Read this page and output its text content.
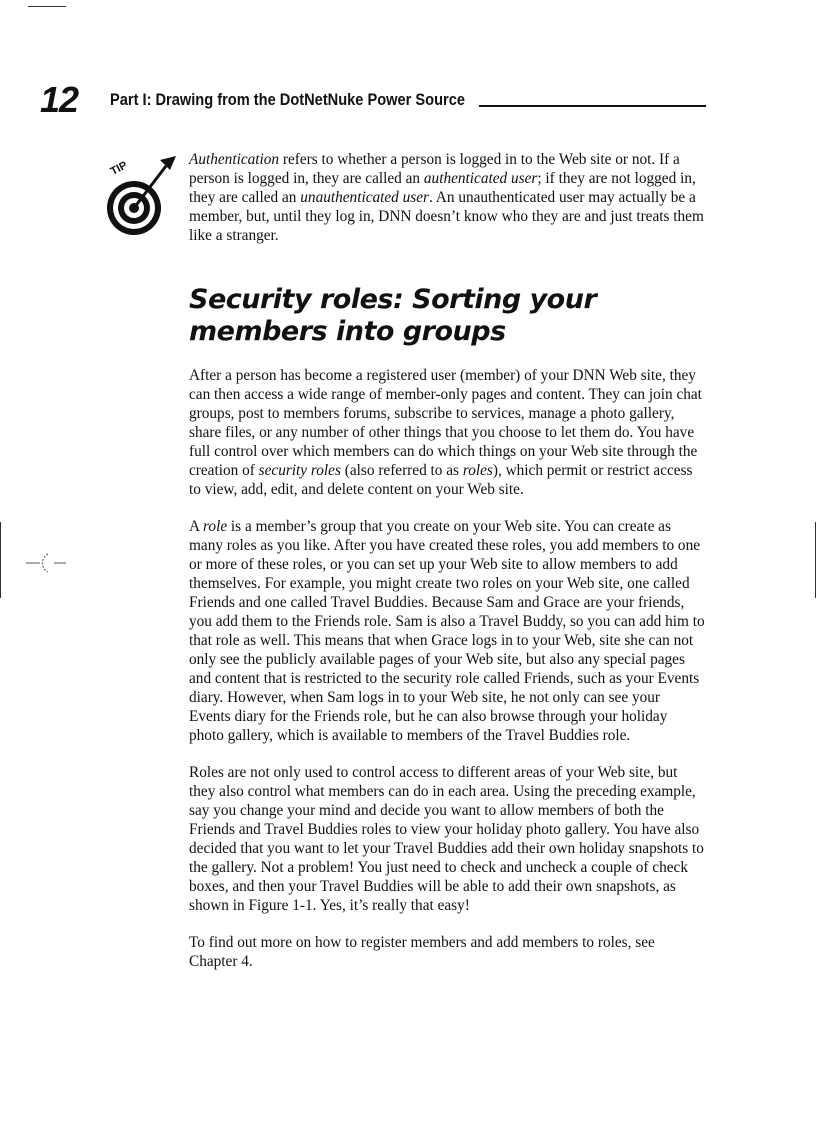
12 Part I: Drawing from the DotNetNuke Power Source
TIP	Authentication refers to whether a person is logged in to the Web site or not. If a person is logged in, they are called an authenticated user; if they are not logged in, they are called an unauthenticated user. An unauthenticated user may actually be a member, but, until they log in, DNN doesn’t know who they are and just treats them like a stranger.

Security roles: Sorting your
members into groups

After a person has become a registered user (member) of your DNN Web site, they can then access a wide range of member-only pages and content. They can join chat groups, post to members forums, subscribe to services, manage a photo gallery, share files, or any number of other things that you choose to let them do. You have full control over which members can do which things on your Web site through the creation of security roles (also referred to as roles), which permit or restrict access to view, add, edit, and delete content on your Web site.

A role is a member’s group that you create on your Web site. You can create as many roles as you like. After you have created these roles, you add members to one or more of these roles, or you can set up your Web site to allow members to add themselves. For example, you might create two roles on your Web site, one called Friends and one called Travel Buddies. Because Sam and Grace are your friends, you add them to the Friends role. Sam is also a Travel Buddy, so you can add him to that role as well. This means that when Grace logs in to your Web, site she can not only see the publicly available pages of your Web site, but also any special pages and content that is restricted to the security role called Friends, such as your Events diary. However, when Sam logs in to your Web site, he not only can see your Events diary for the Friends role, but he can also browse through your holiday photo gallery, which is available to members of the Travel Buddies role.

Roles are not only used to control access to different areas of your Web site, but they also control what members can do in each area. Using the preceding example, say you change your mind and decide you want to allow members of both the Friends and Travel Buddies roles to view your holiday photo gallery. You have also decided that you want to let your Travel Buddies add their own holiday snapshots to the gallery. Not a problem! You just need to check and uncheck a couple of check boxes, and then your Travel Buddies will be able to add their own snapshots, as shown in Figure 1-1. Yes, it’s really that easy!

To find out more on how to register members and add members to roles, see Chapter 4.
